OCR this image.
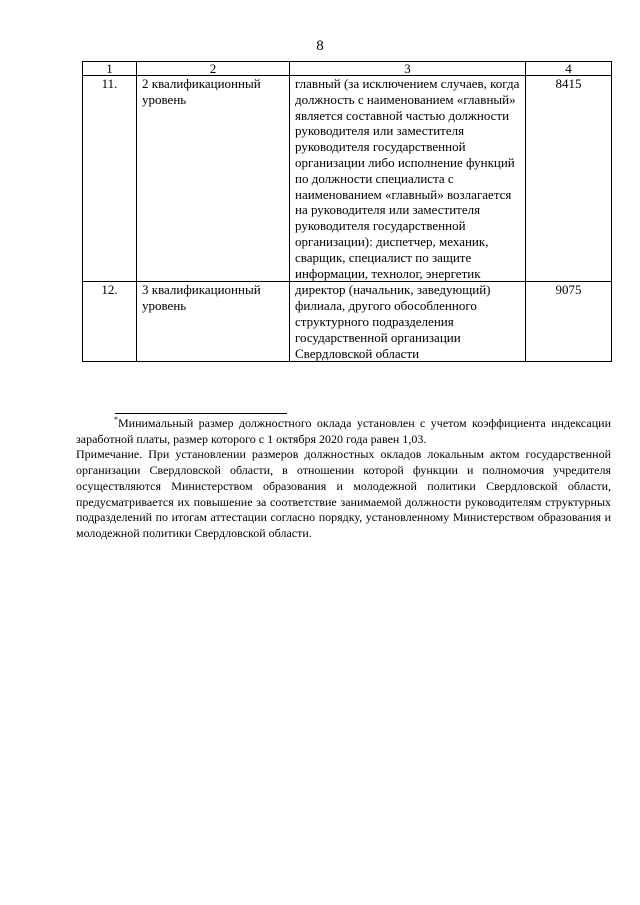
8
1	2	3	4
11.	2 квалификационный уровень	главный (за исключением случаев, когда должность с наименованием «главный» является составной частью должности руководителя или заместителя руководителя государственной организации либо исполнение функций по должности специалиста с наименованием «главный» возлагается на руководителя или заместителя руководителя государственной организации): диспетчер, механик, сварщик, специалист по защите информации, технолог, энергетик	8415
12.	3 квалификационный уровень	директор (начальник, заведующий) филиала, другого обособленного структурного подразделения государственной организации Свердловской области	9075

*Минимальный размер должностного оклада установлен с учетом коэффициента индексации заработной платы, размер которого с 1 октября 2020 года равен 1,03.

Примечание. При установлении размеров должностных окладов локальным актом государственной организации Свердловской области, в отношении которой функции и полномочия учредителя осуществляются Министерством образования и молодежной политики Свердловской области, предусматривается их повышение за соответствие занимаемой должности руководителям структурных подразделений по итогам аттестации согласно порядку, установленному Министерством образования и молодежной политики Свердловской области.
